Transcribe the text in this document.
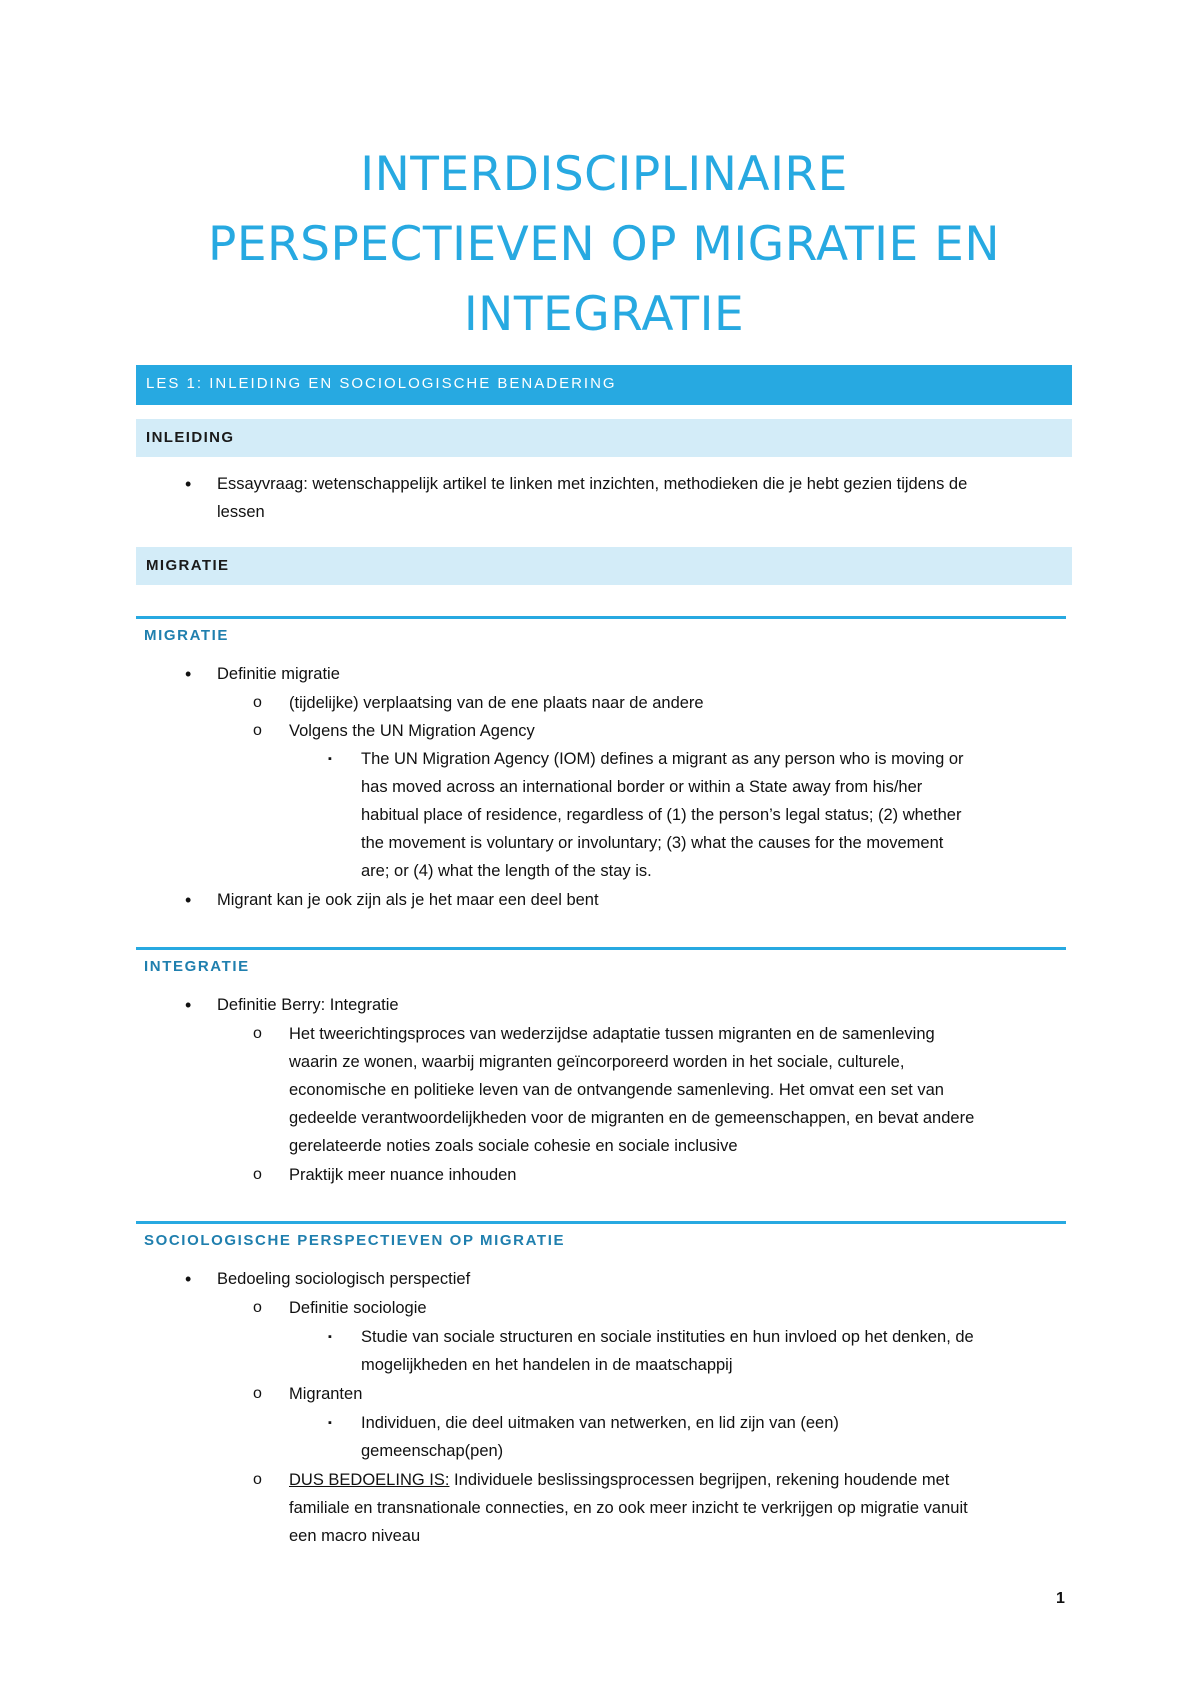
INTERDISCIPLINAIRE
PERSPECTIEVEN OP MIGRATIE EN
INTEGRATIE
LES 1: INLEIDING EN SOCIOLOGISCHE BENADERING
INLEIDING
• Essayvraag: wetenschappelijk artikel te linken met inzichten, methodieken die je hebt gezien tijdens de
lessen
MIGRATIE
MIGRATIE
• Definitie migratie
o (tijdelijke) verplaatsing van de ene plaats naar de andere
o Volgens the UN Migration Agency
▪ The UN Migration Agency (IOM) defines a migrant as any person who is moving or
has moved across an international border or within a State away from his/her
habitual place of residence, regardless of (1) the person’s legal status; (2) whether
the movement is voluntary or involuntary; (3) what the causes for the movement
are; or (4) what the length of the stay is.
• Migrant kan je ook zijn als je het maar een deel bent
INTEGRATIE
• Definitie Berry: Integratie
o Het tweerichtingsproces van wederzijdse adaptatie tussen migranten en de samenleving
waarin ze wonen, waarbij migranten geïncorporeerd worden in het sociale, culturele,
economische en politieke leven van de ontvangende samenleving. Het omvat een set van
gedeelde verantwoordelijkheden voor de migranten en de gemeenschappen, en bevat andere
gerelateerde noties zoals sociale cohesie en sociale inclusive
o Praktijk meer nuance inhouden
SOCIOLOGISCHE PERSPECTIEVEN OP MIGRATIE
• Bedoeling sociologisch perspectief
o Definitie sociologie
▪ Studie van sociale structuren en sociale instituties en hun invloed op het denken, de
mogelijkheden en het handelen in de maatschappij
o Migranten
▪ Individuen, die deel uitmaken van netwerken, en lid zijn van (een)
gemeenschap(pen)
o DUS BEDOELING IS: Individuele beslissingsprocessen begrijpen, rekening houdende met
familiale en transnationale connecties, en zo ook meer inzicht te verkrijgen op migratie vanuit
een macro niveau
1
